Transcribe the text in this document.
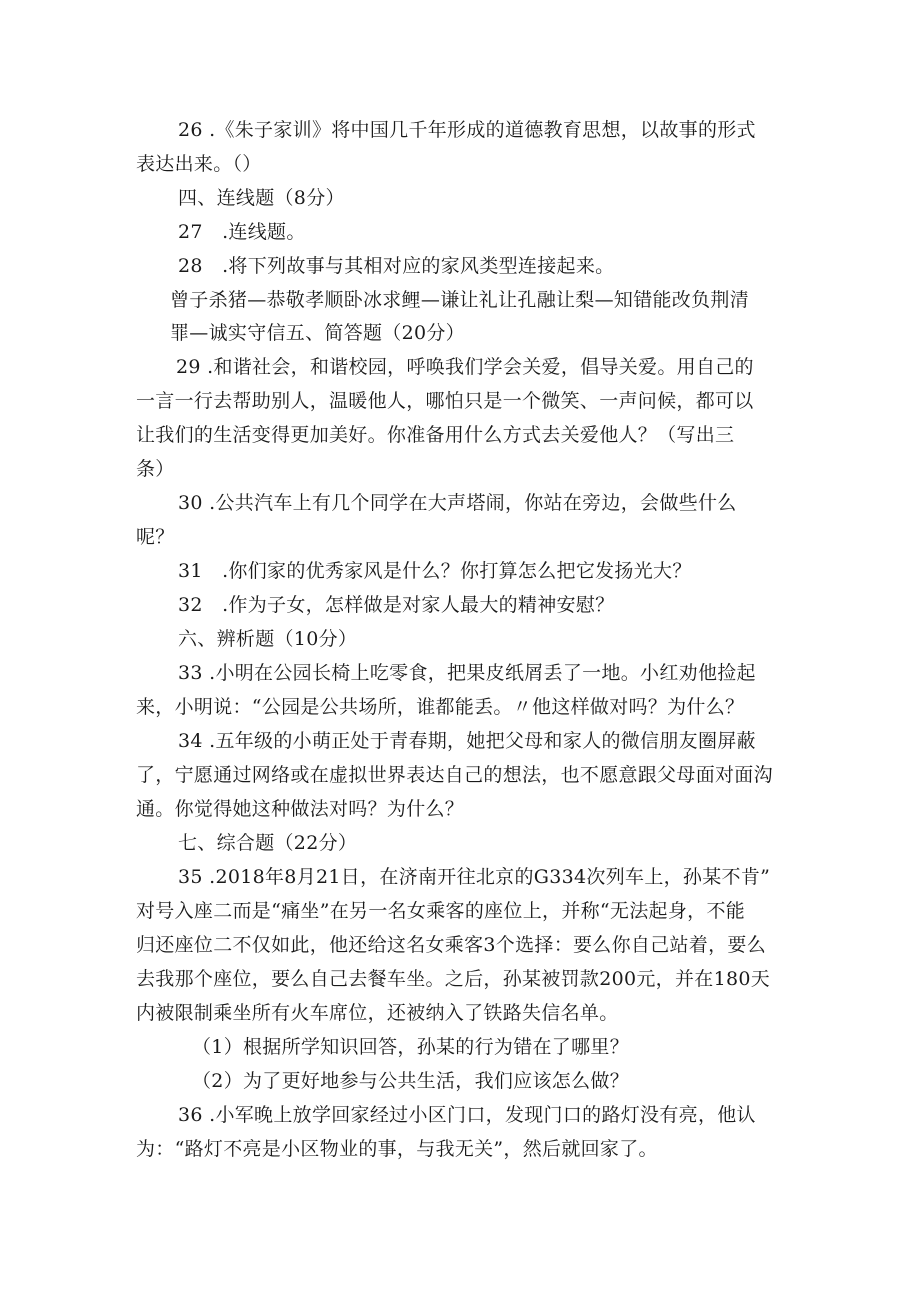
26 .《朱子家训》将中国几千年形成的道德教育思想，以故事的形式
表达出来。（）
四、连线题（8分）
27　.连线题。
28　.将下列故事与其相对应的家风类型连接起来。
曾子杀猪—恭敬孝顺卧冰求鲤—谦让礼让孔融让梨—知错能改负荆清
罪—诚实守信五、简答题（20分）
29 .和谐社会，和谐校园，呼唤我们学会关爱，倡导关爱。用自己的
一言一行去帮助别人，温暖他人，哪怕只是一个微笑、一声问候，都可以
让我们的生活变得更加美好。你准备用什么方式去关爱他人？（写出三
条）
30 .公共汽车上有几个同学在大声塔闹，你站在旁边，会做些什么
呢？
31　.你们家的优秀家风是什么？你打算怎么把它发扬光大？
32　.作为子女，怎样做是对家人最大的精神安慰？
六、辨析题（10分）
33 .小明在公园长椅上吃零食，把果皮纸屑丢了一地。小红劝他捡起
来，小明说：“公园是公共场所，谁都能丢。〃他这样做对吗？为什么？
34 .五年级的小萌正处于青春期，她把父母和家人的微信朋友圈屏蔽
了，宁愿通过网络或在虚拟世界表达自己的想法，也不愿意跟父母面对面沟
通。你觉得她这种做法对吗？为什么？
七、综合题（22分）
35 .2018年8月21日，在济南开往北京的G334次列车上，孙某不肯”
对号入座二而是“痛坐”在另一名女乘客的座位上，并称“无法起身，不能
归还座位二不仅如此，他还给这名女乘客3个选择：要么你自己站着，要么
去我那个座位，要么自己去餐车坐。之后，孙某被罚款200元，并在180天
内被限制乘坐所有火车席位，还被纳入了铁路失信名单。
（1）根据所学知识回答，孙某的行为错在了哪里？
（2）为了更好地参与公共生活，我们应该怎么做？
36 .小军晚上放学回家经过小区门口，发现门口的路灯没有亮，他认
为：“路灯不亮是小区物业的事，与我无关”，然后就回家了。
